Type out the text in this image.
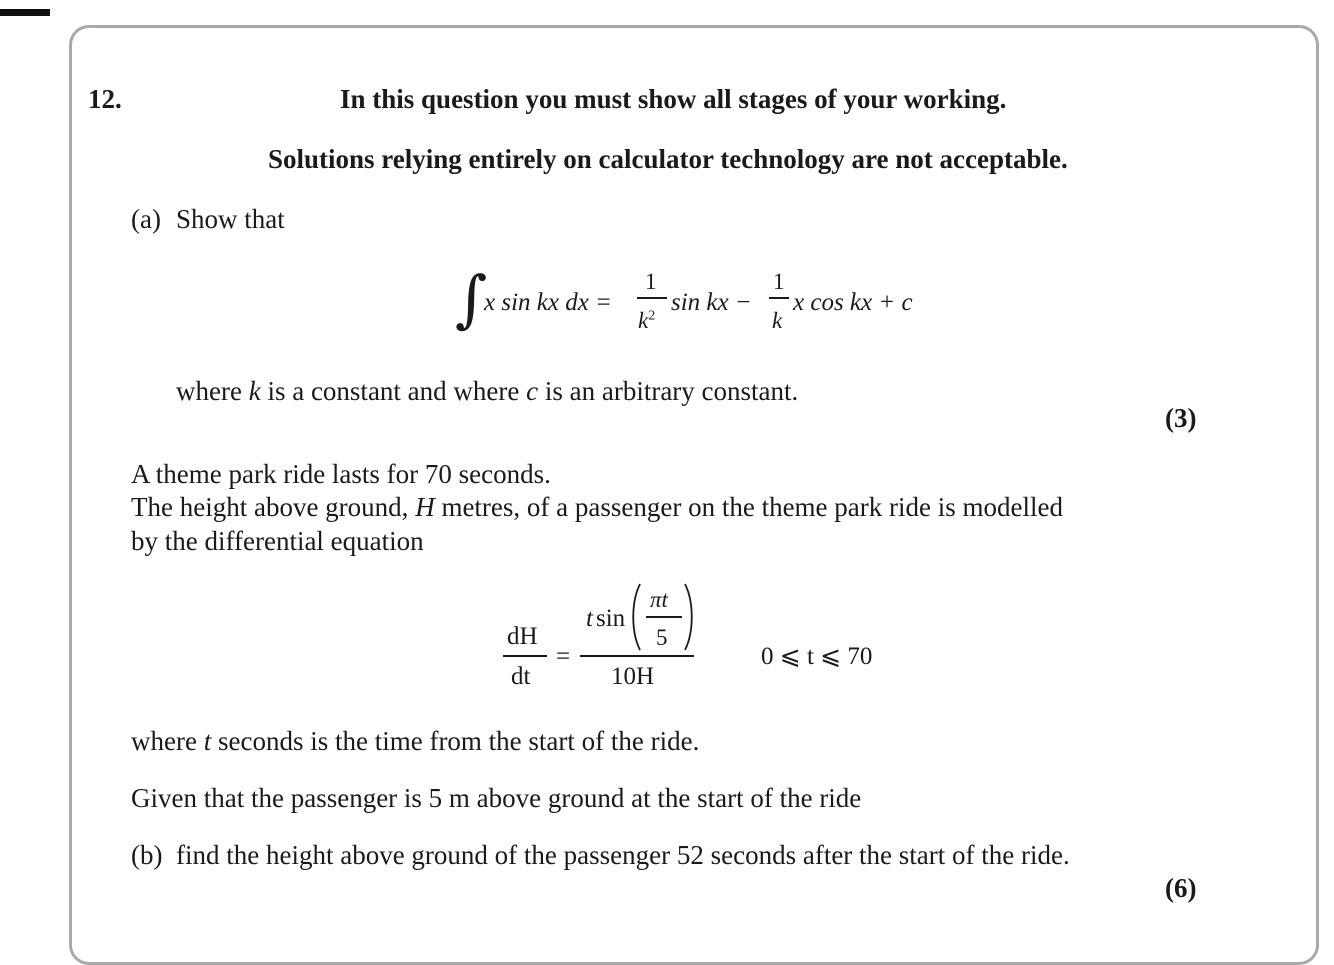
12.	In this question you must show all stages of your working.
Solutions relying entirely on calculator technology are not acceptable.
(a) Show that
∫
x sin kx dx =
1
$k^2$ sin kx −
1
k
x cos kx + c
where k is a constant and where c is an arbitrary constant.
(3)
A theme park ride lasts for 70 seconds.
The height above ground, H metres, of a passenger on the theme park ride is modelled
by the differential equation
dH
dt
=
t sin
πt
5
10H
0 ⩽ t ⩽ 70
where t seconds is the time from the start of the ride.
Given that the passenger is 5 m above ground at the start of the ride
(b) find the height above ground of the passenger 52 seconds after the start of the ride.
(6)
